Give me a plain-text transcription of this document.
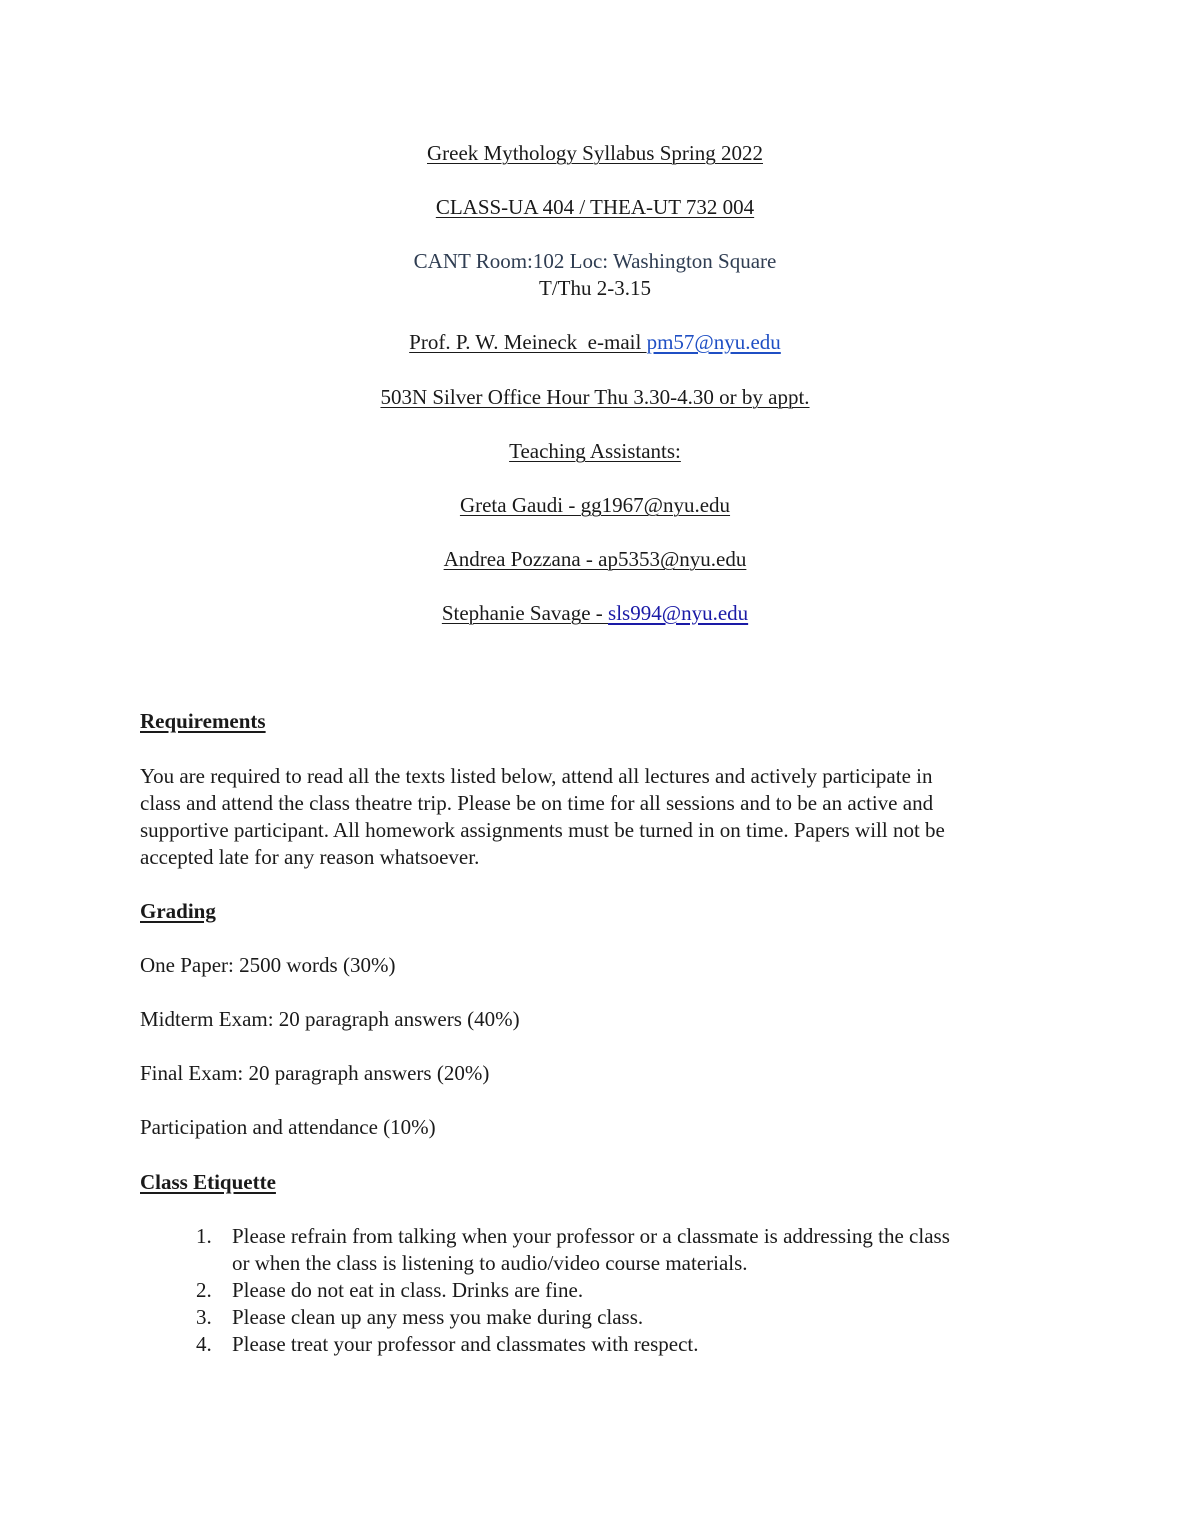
Greek Mythology Syllabus Spring 2022
CLASS-UA 404 / THEA-UT 732 004
CANT Room:102 Loc: Washington Square
T/Thu 2-3.15
Prof. P. W. Meineck  e-mail pm57@nyu.edu
503N Silver Office Hour Thu 3.30-4.30 or by appt.
Teaching Assistants:
Greta Gaudi - gg1967@nyu.edu
Andrea Pozzana - ap5353@nyu.edu
Stephanie Savage - sls994@nyu.edu
Requirements
You are required to read all the texts listed below, attend all lectures and actively participate in
class and attend the class theatre trip. Please be on time for all sessions and to be an active and
supportive participant. All homework assignments must be turned in on time. Papers will not be
accepted late for any reason whatsoever.
Grading
One Paper: 2500 words (30%)
Midterm Exam: 20 paragraph answers (40%)
Final Exam: 20 paragraph answers (20%)
Participation and attendance (10%)
Class Etiquette
1. Please refrain from talking when your professor or a classmate is addressing the class
or when the class is listening to audio/video course materials.
2. Please do not eat in class. Drinks are fine.
3. Please clean up any mess you make during class.
4. Please treat your professor and classmates with respect.
